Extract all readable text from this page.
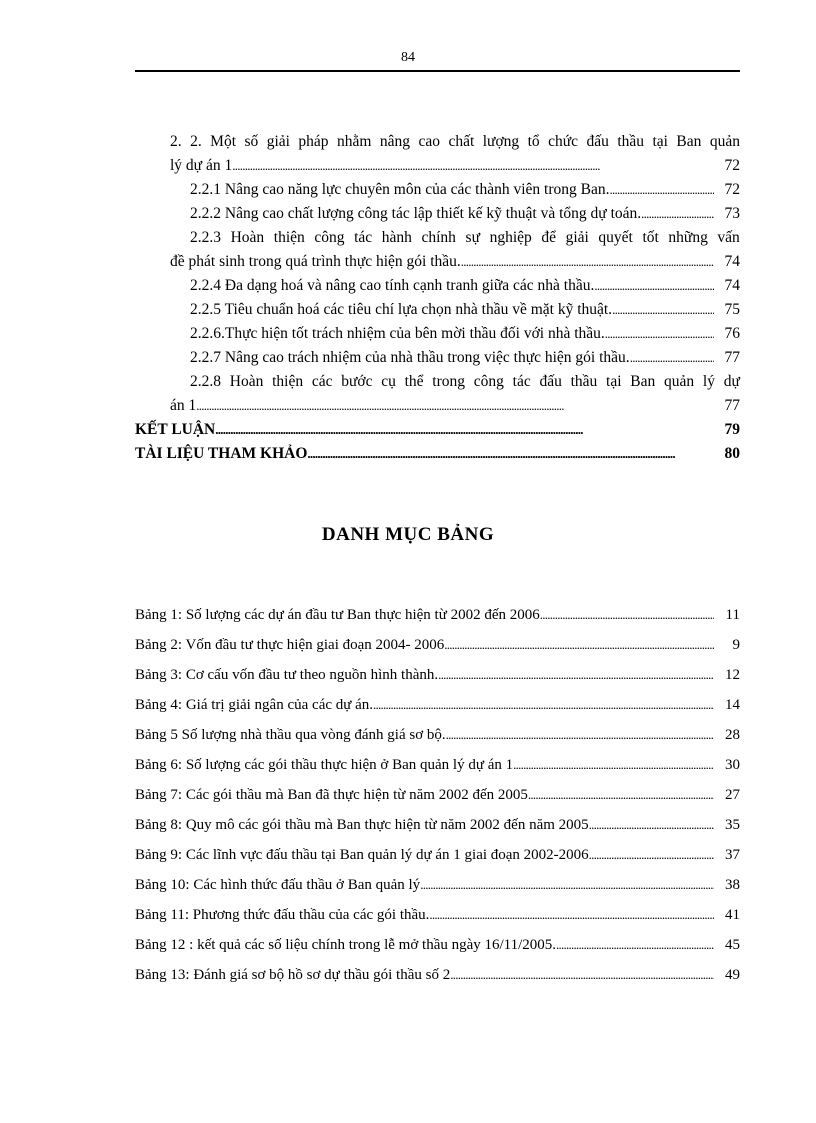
84
2. 2. Một số giải pháp nhằm nâng cao chất lượng tổ chức đấu thầu tại Ban quản
lý dự án 1 . . .	72
2.2.1 Nâng cao năng lực chuyên môn của các thành viên trong Ban. . . .	72
2.2.2 Nâng cao chất lượng công tác lập thiết kế kỹ thuật và tổng dự toán. . . .	73
2.2.3 Hoàn thiện công tác hành chính sự nghiệp để giải quyết tốt những vấn
đề phát sinh trong quá trình thực hiện gói thầu. . . .	74
2.2.4 Đa dạng hoá và nâng cao tính cạnh tranh giữa các nhà thầu. . . .	74
2.2.5 Tiêu chuẩn hoá các tiêu chí lựa chọn nhà thầu về mặt kỹ thuật. . . .	75
2.2.6.Thực hiện tốt trách nhiệm của bên mời thầu đối với nhà thầu. . . .	76
2.2.7 Nâng cao trách nhiệm của nhà thầu trong việc thực hiện gói thầu. . . .	77
2.2.8 Hoàn thiện các bước cụ thể trong công tác đấu thầu tại Ban quản lý dự
án 1 . . .	77
KẾT LUẬN . . .	79
TÀI LIỆU THAM KHẢO . . .	80
DANH MỤC BẢNG
Bảng 1: Số lượng các dự án đầu tư Ban thực hiện từ 2002 đến 2006 . . .	11
Bảng 2: Vốn đầu tư thực hiện giai đoạn 2004- 2006 . . .	9
Bảng 3: Cơ cấu vốn đầu tư theo nguồn hình thành. . . .	12
Bảng 4: Giá trị giải ngân của các dự án. . . .	14
Bảng 5 Số lượng nhà thầu qua vòng đánh giá sơ bộ. . . .	28
Bảng 6: Số lượng các gói thầu thực hiện ở Ban quản lý dự án 1 . . .	30
Bảng 7: Các gói thầu mà Ban đã thực hiện từ năm 2002 đến 2005 . . .	27
Bảng 8: Quy mô các gói thầu mà Ban thực hiện từ năm 2002 đến năm 2005 . . .	35
Bảng 9: Các lĩnh vực đấu thầu tại Ban quản lý dự án 1 giai đoạn 2002-2006 . . .	37
Bảng 10: Các hình thức đấu thầu ở Ban quản lý . . .	38
Bảng 11: Phương thức đấu thầu của các gói thầu. . . .	41
Bảng 12 : kết quả các số liệu chính trong lễ mở thầu ngày 16/11/2005. . . .	45
Bảng 13: Đánh giá sơ bộ hồ sơ dự thầu gói thầu số 2 . . .	49
